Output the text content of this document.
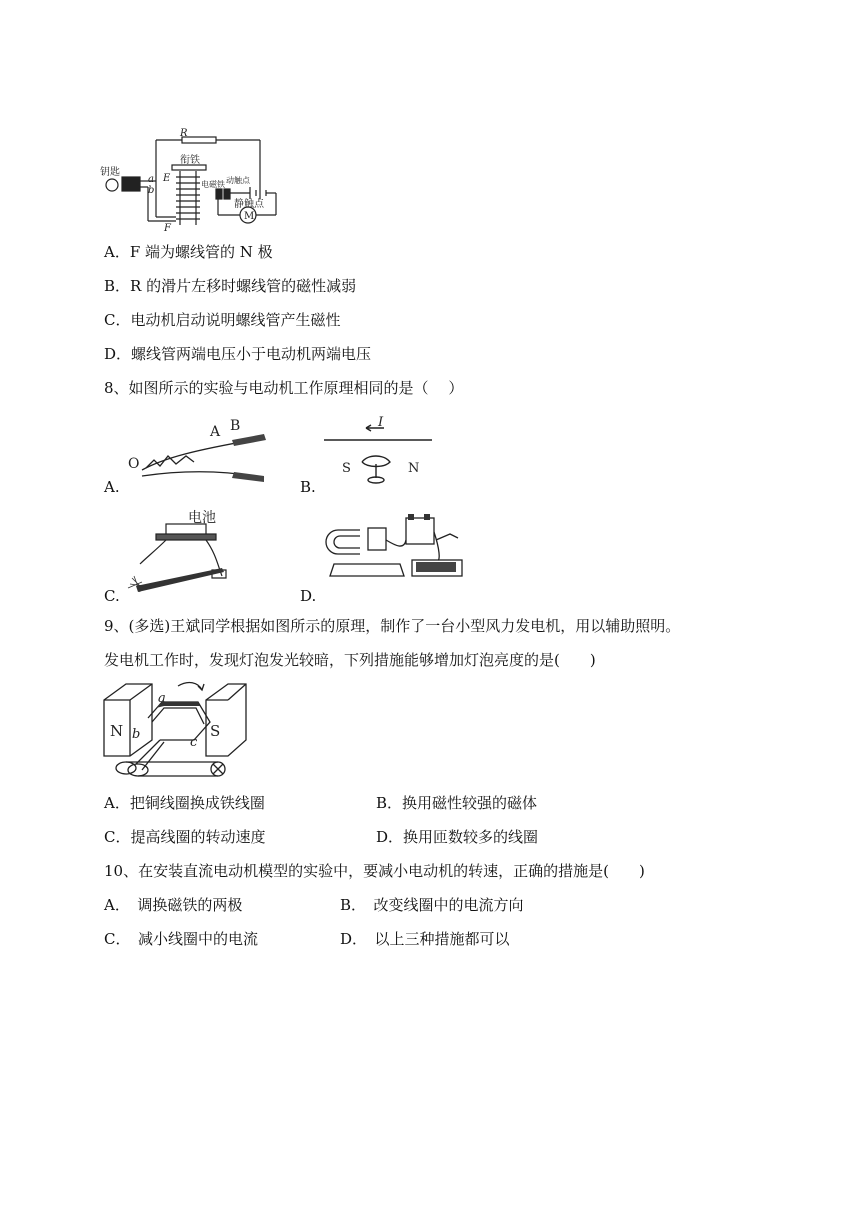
钥匙
R
衔铁
a
b
E
F
电磁铁 动触点
静触点
M
A．F 端为螺线管的 N 极
B．R 的滑片左移时螺线管的磁性减弱
C．电动机启动说明螺线管产生磁性
D．螺线管两端电压小于电动机两端电压
8、如图所示的实验与电动机工作原理相同的是（　 ）
O
A B
A.
I
S	N
B.
电池
C.	D.
9、(多选)王斌同学根据如图所示的原理，制作了一台小型风力发电机，用以辅助照明。
发电机工作时，发现灯泡发光较暗，下列措施能够增加灯泡亮度的是(　　)
N	S
a
b
c
A．把铜线圈换成铁线圈	B．换用磁性较强的磁体
C．提高线圈的转动速度	D．换用匝数较多的线圈
10、在安装直流电动机模型的实验中，要减小电动机的转速，正确的措施是(　　)
A．　调换磁铁的两极	B．　改变线圈中的电流方向
C．　减小线圈中的电流	D．　以上三种措施都可以
